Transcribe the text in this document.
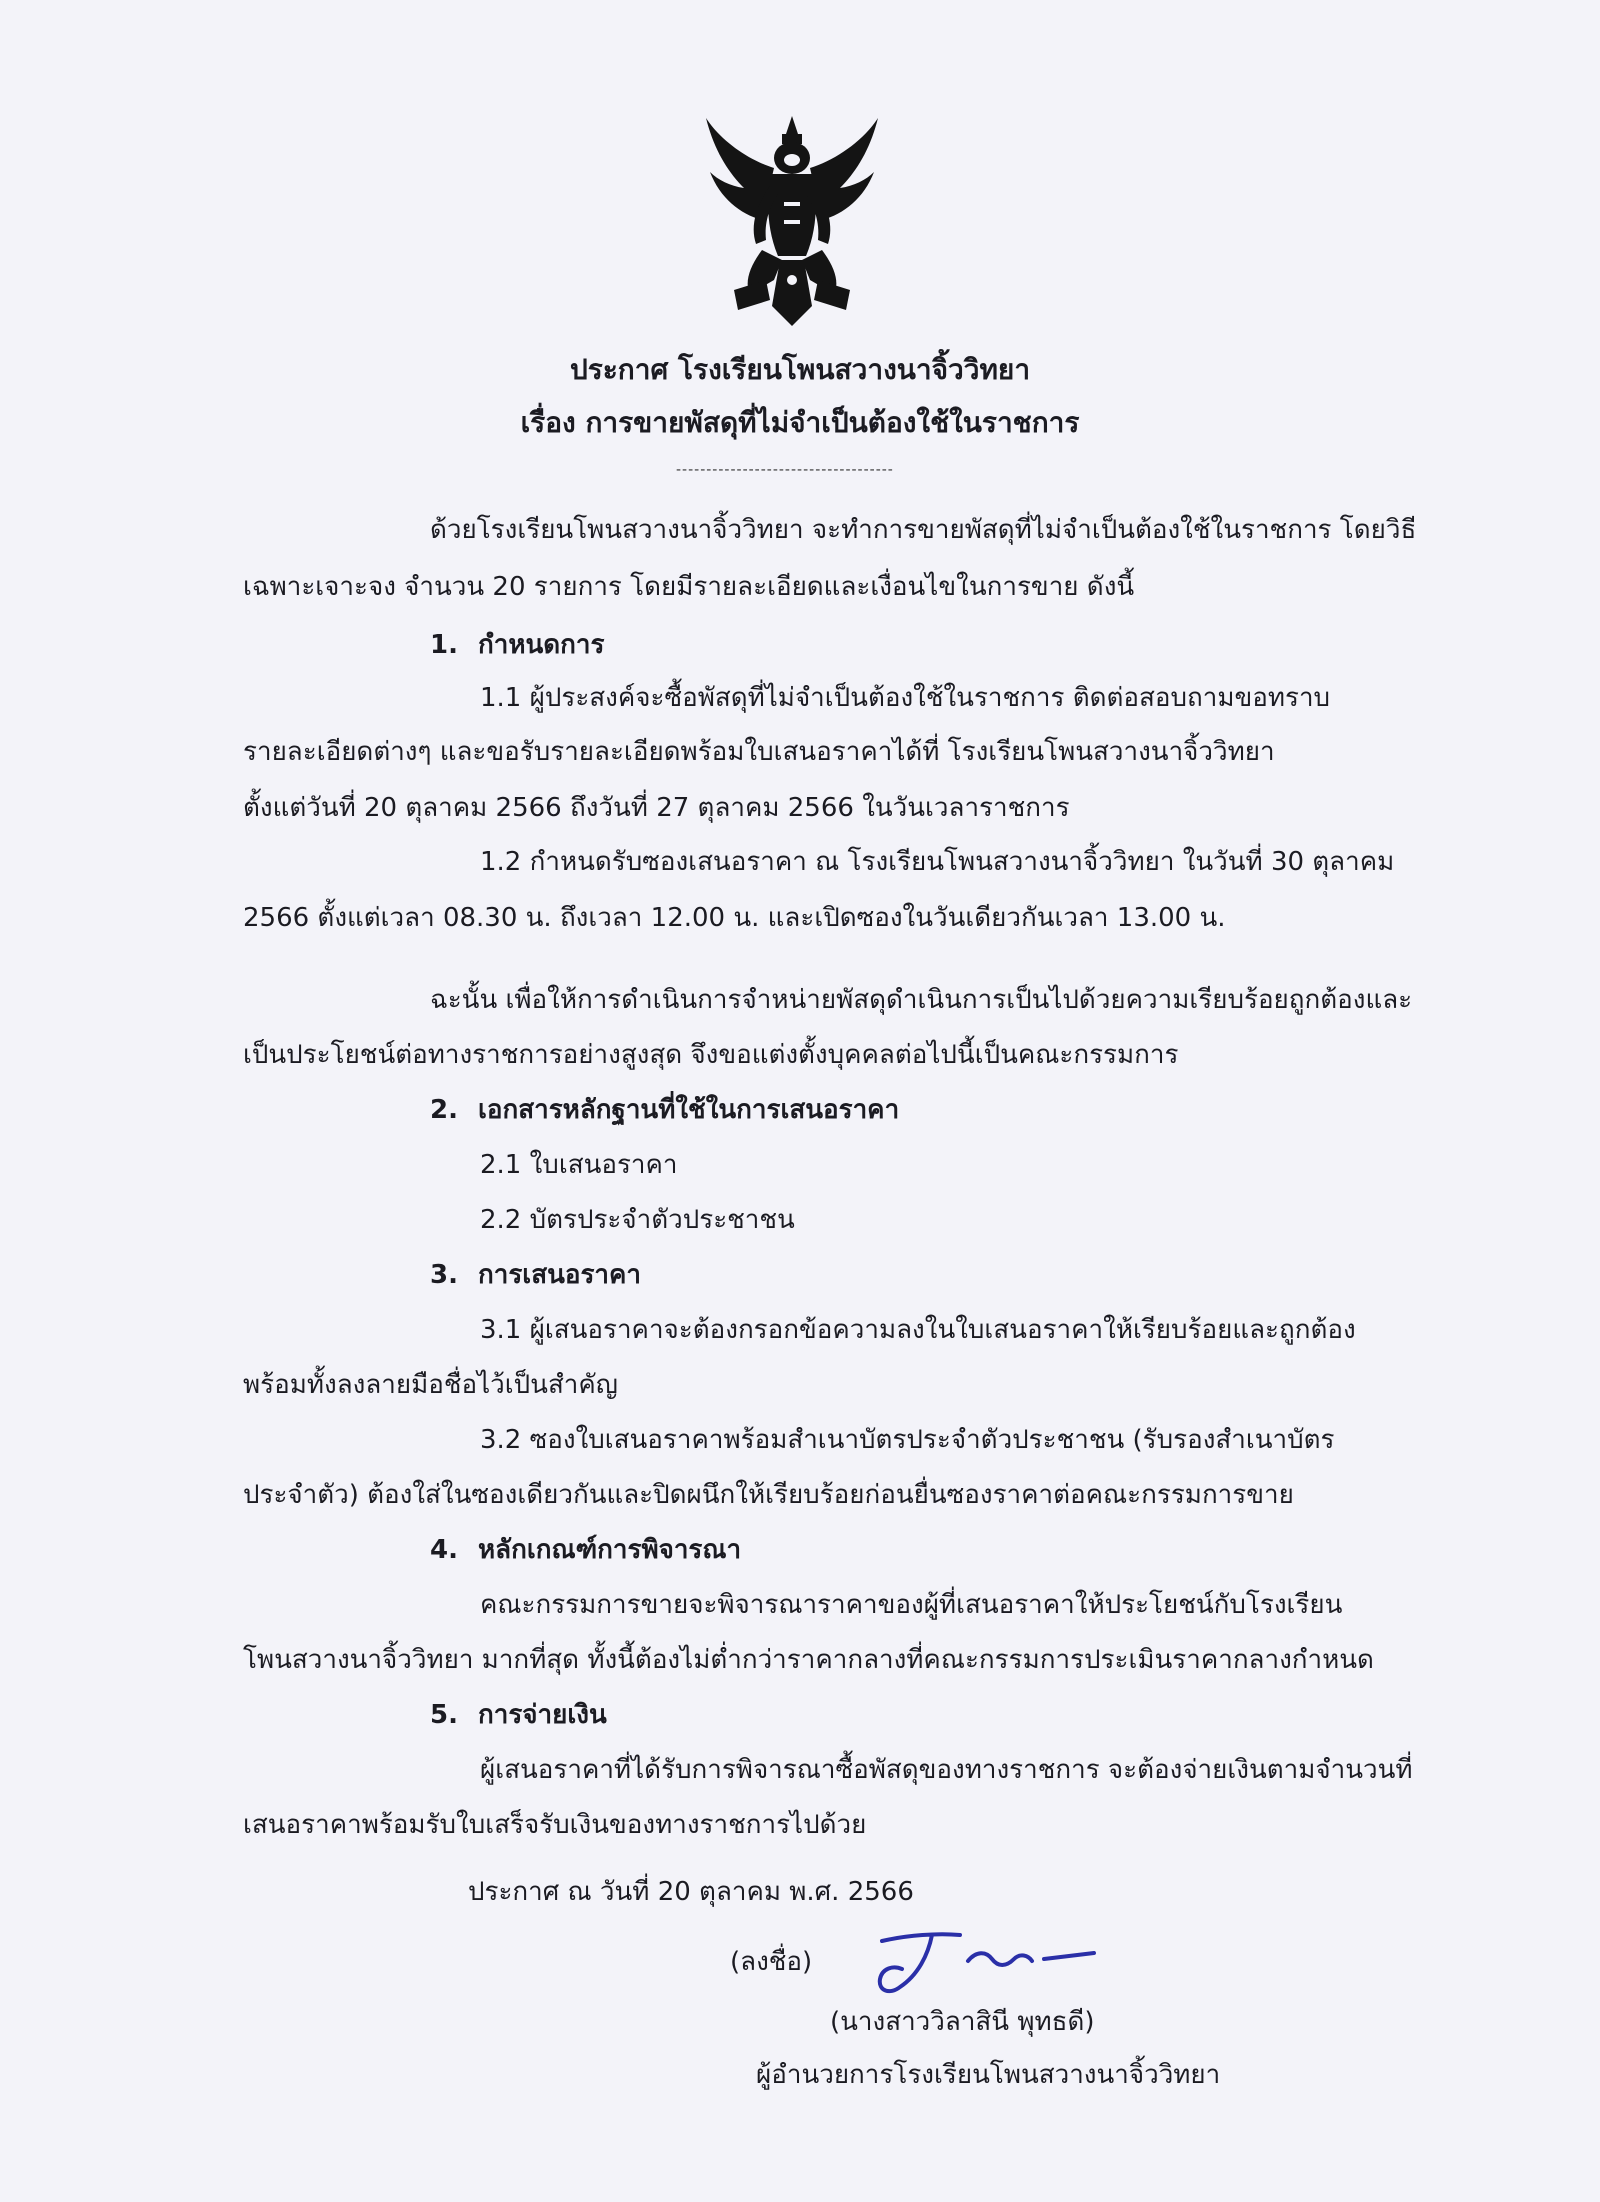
ประกาศ โรงเรียนโพนสวางนาจิ้ววิทยา
เรื่อง การขายพัสดุที่ไม่จำเป็นต้องใช้ในราชการ
------------------------------------
ด้วยโรงเรียนโพนสวางนาจิ้ววิทยา จะทำการขายพัสดุที่ไม่จำเป็นต้องใช้ในราชการ โดยวิธี
เฉพาะเจาะจง จำนวน 20 รายการ โดยมีรายละเอียดและเงื่อนไขในการขาย ดังนี้
1. กำหนดการ
1.1 ผู้ประสงค์จะซื้อพัสดุที่ไม่จำเป็นต้องใช้ในราชการ ติดต่อสอบถามขอทราบ
รายละเอียดต่างๆ และขอรับรายละเอียดพร้อมใบเสนอราคาได้ที่ โรงเรียนโพนสวางนาจิ้ววิทยา
ตั้งแต่วันที่ 20 ตุลาคม 2566 ถึงวันที่ 27 ตุลาคม 2566 ในวันเวลาราชการ
1.2 กำหนดรับซองเสนอราคา ณ โรงเรียนโพนสวางนาจิ้ววิทยา ในวันที่ 30 ตุลาคม
2566 ตั้งแต่เวลา 08.30 น. ถึงเวลา 12.00 น. และเปิดซองในวันเดียวกันเวลา 13.00 น.
ฉะนั้น เพื่อให้การดำเนินการจำหน่ายพัสดุดำเนินการเป็นไปด้วยความเรียบร้อยถูกต้องและ
เป็นประโยชน์ต่อทางราชการอย่างสูงสุด จึงขอแต่งตั้งบุคคลต่อไปนี้เป็นคณะกรรมการ
2. เอกสารหลักฐานที่ใช้ในการเสนอราคา
2.1 ใบเสนอราคา
2.2 บัตรประจำตัวประชาชน
3. การเสนอราคา
3.1 ผู้เสนอราคาจะต้องกรอกข้อความลงในใบเสนอราคาให้เรียบร้อยและถูกต้อง
พร้อมทั้งลงลายมือชื่อไว้เป็นสำคัญ
3.2 ซองใบเสนอราคาพร้อมสำเนาบัตรประจำตัวประชาชน (รับรองสำเนาบัตร
ประจำตัว) ต้องใส่ในซองเดียวกันและปิดผนึกให้เรียบร้อยก่อนยื่นซองราคาต่อคณะกรรมการขาย
4. หลักเกณฑ์การพิจารณา
คณะกรรมการขายจะพิจารณาราคาของผู้ที่เสนอราคาให้ประโยชน์กับโรงเรียน
โพนสวางนาจิ้ววิทยา มากที่สุด ทั้งนี้ต้องไม่ต่ำกว่าราคากลางที่คณะกรรมการประเมินราคากลางกำหนด
5. การจ่ายเงิน
ผู้เสนอราคาที่ได้รับการพิจารณาซื้อพัสดุของทางราชการ จะต้องจ่ายเงินตามจำนวนที่
เสนอราคาพร้อมรับใบเสร็จรับเงินของทางราชการไปด้วย
ประกาศ ณ วันที่ 20 ตุลาคม พ.ศ. 2566
(ลงชื่อ)
(นางสาววิลาสินี พุทธดี)
ผู้อำนวยการโรงเรียนโพนสวางนาจิ้ววิทยา
